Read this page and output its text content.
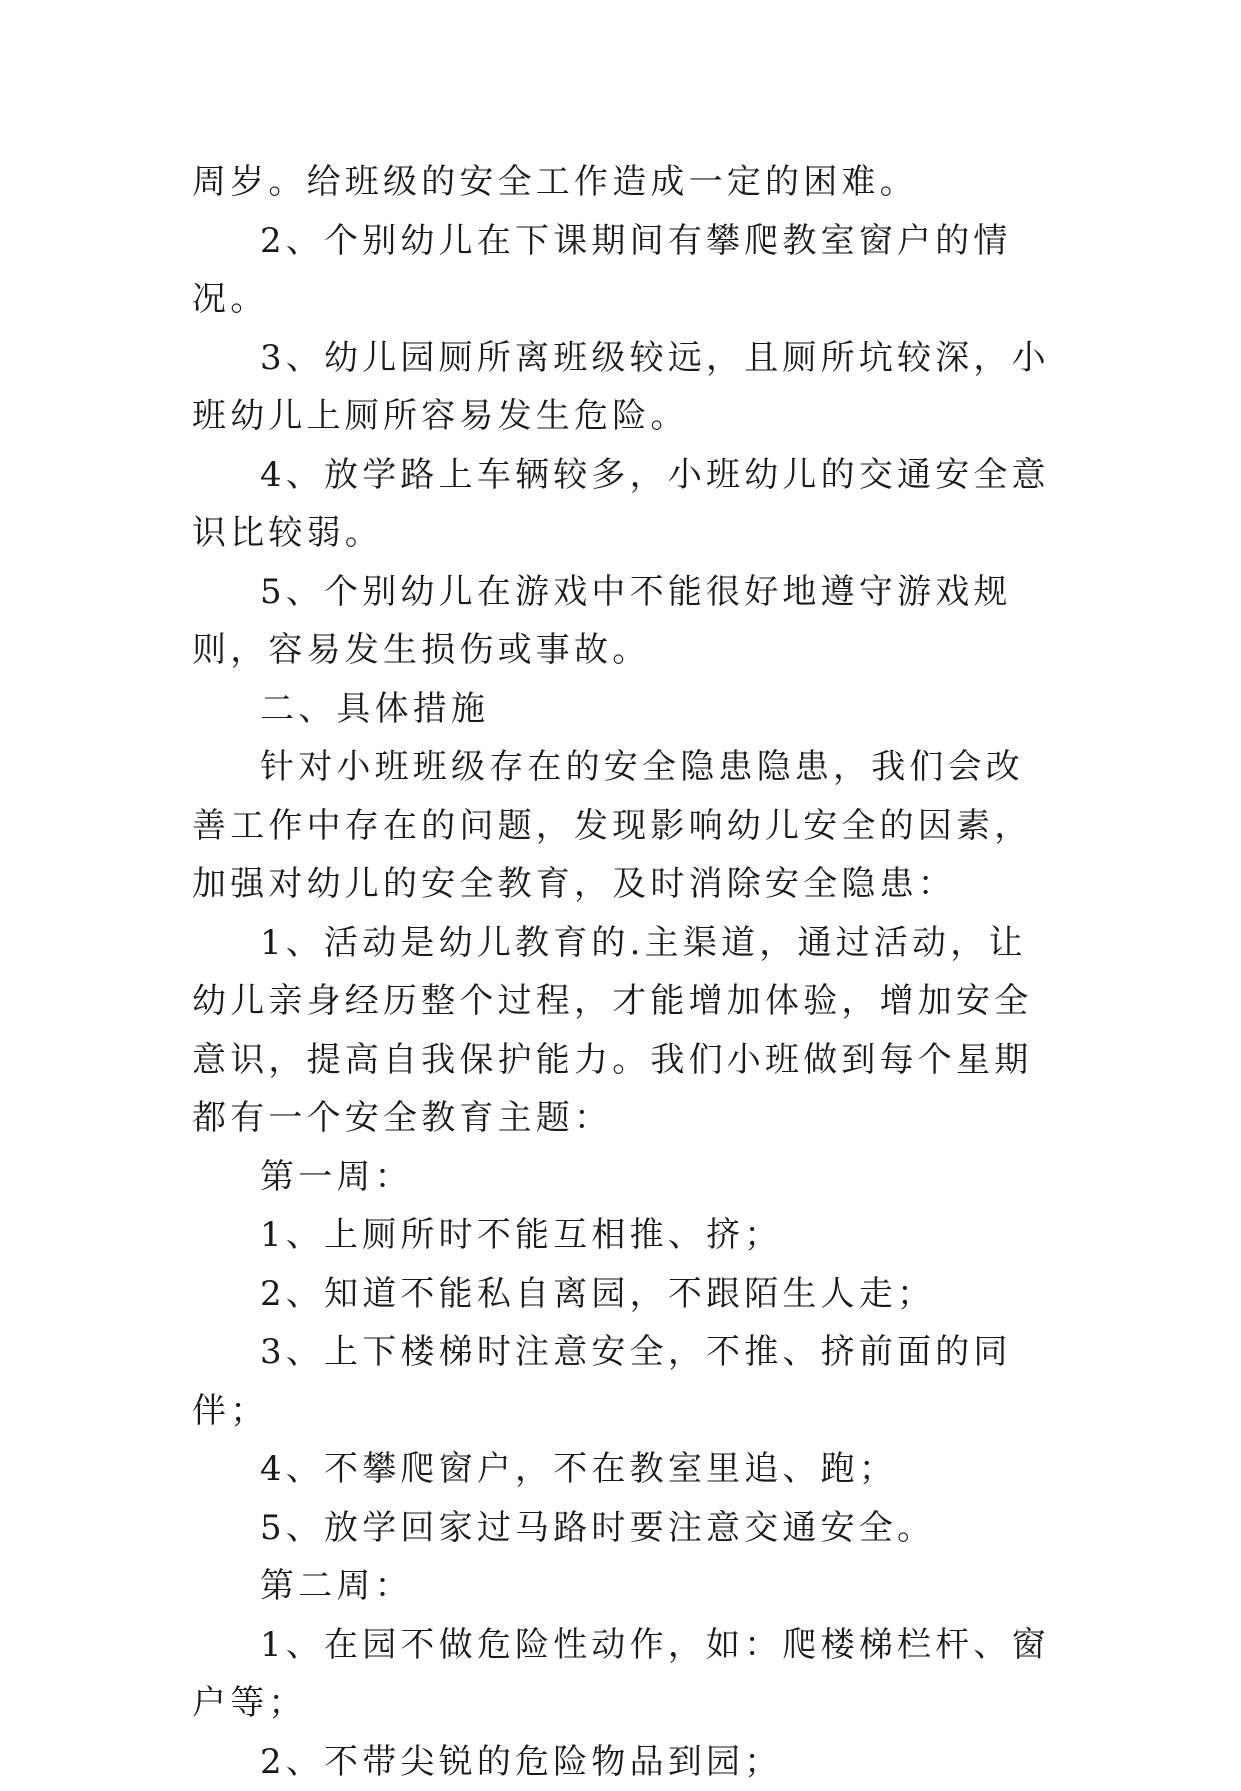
周岁。给班级的安全工作造成一定的困难。

2、个别幼儿在下课期间有攀爬教室窗户的情况。

3、幼儿园厕所离班级较远，且厕所坑较深，小班幼儿上厕所容易发生危险。

4、放学路上车辆较多，小班幼儿的交通安全意识比较弱。

5、个别幼儿在游戏中不能很好地遵守游戏规则，容易发生损伤或事故。

二、具体措施

针对小班班级存在的安全隐患隐患，我们会改善工作中存在的问题，发现影响幼儿安全的因素，加强对幼儿的安全教育，及时消除安全隐患：

1、活动是幼儿教育的.主渠道，通过活动，让幼儿亲身经历整个过程，才能增加体验，增加安全意识，提高自我保护能力。我们小班做到每个星期都有一个安全教育主题：

第一周：

1、上厕所时不能互相推、挤；

2、知道不能私自离园，不跟陌生人走；

3、上下楼梯时注意安全，不推、挤前面的同伴；

4、不攀爬窗户，不在教室里追、跑；

5、放学回家过马路时要注意交通安全。

第二周：

1、在园不做危险性动作，如：爬楼梯栏杆、窗户等；

2、不带尖锐的危险物品到园；
